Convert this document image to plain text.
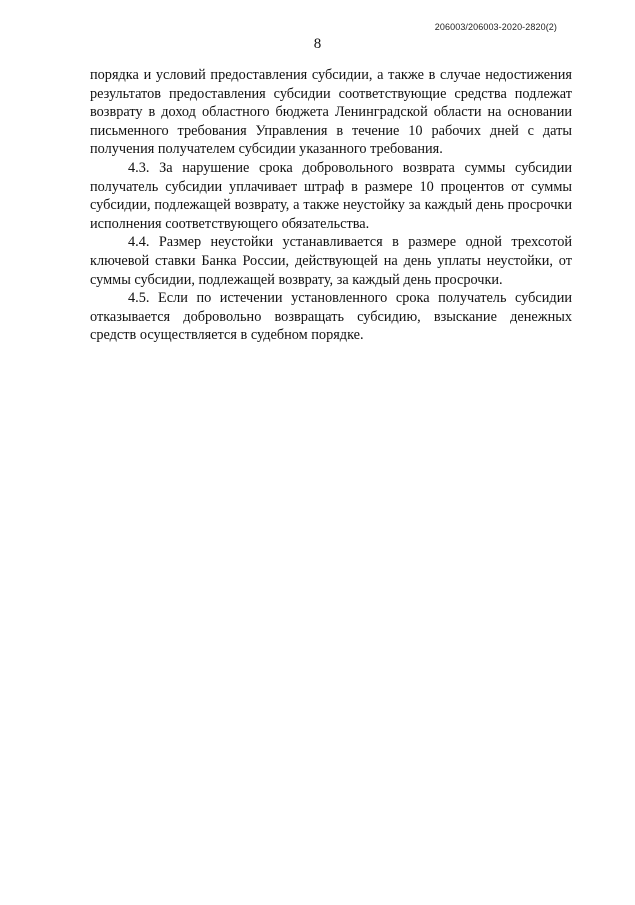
206003/206003-2020-2820(2)
8

порядка и условий предоставления субсидии, а также в случае недостижения результатов предоставления субсидии соответствующие средства подлежат возврату в доход областного бюджета Ленинградской области на основании письменного требования Управления в течение 10 рабочих дней с даты получения получателем субсидии указанного требования.

4.3. За нарушение срока добровольного возврата суммы субсидии получатель субсидии уплачивает штраф в размере 10 процентов от суммы субсидии, подлежащей возврату, а также неустойку за каждый день просрочки исполнения соответствующего обязательства.

4.4. Размер неустойки устанавливается в размере одной трехсотой ключевой ставки Банка России, действующей на день уплаты неустойки, от суммы субсидии, подлежащей возврату, за каждый день просрочки.

4.5. Если по истечении установленного срока получатель субсидии отказывается добровольно возвращать субсидию, взыскание денежных средств осуществляется в судебном порядке.
